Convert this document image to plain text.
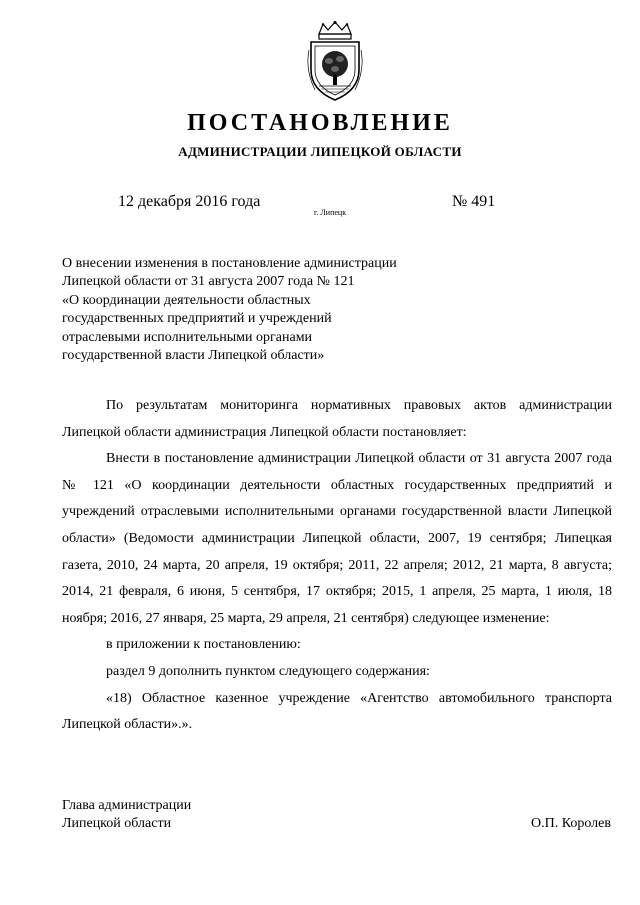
ПОСТАНОВЛЕНИЕ
АДМИНИСТРАЦИИ ЛИПЕЦКОЙ ОБЛАСТИ
12 декабря 2016 года
г. Липецк
№ 491
О внесении изменения в постановление администрации
Липецкой области от 31 августа 2007 года № 121
«О координации деятельности областных
государственных предприятий и учреждений
отраслевыми исполнительными органами
государственной власти Липецкой области»

По результатам мониторинга нормативных правовых актов администрации Липецкой области администрация Липецкой области постановляет:

Внести в постановление администрации Липецкой области от 31 августа 2007 года № 121 «О координации деятельности областных государственных предприятий и учреждений отраслевыми исполнительными органами государственной власти Липецкой области» (Ведомости администрации Липецкой области, 2007, 19 сентября; Липецкая газета, 2010, 24 марта, 20 апреля, 19 октября; 2011, 22 апреля; 2012, 21 марта, 8 августа; 2014, 21 февраля, 6 июня, 5 сентября, 17 октября; 2015, 1 апреля, 25 марта, 1 июля, 18 ноября; 2016, 27 января, 25 марта, 29 апреля, 21 сентября) следующее изменение:

в приложении к постановлению:

раздел 9 дополнить пунктом следующего содержания:

«18) Областное казенное учреждение «Агентство автомобильного транспорта Липецкой области».».

Глава администрации
Липецкой области	О.П. Королев
